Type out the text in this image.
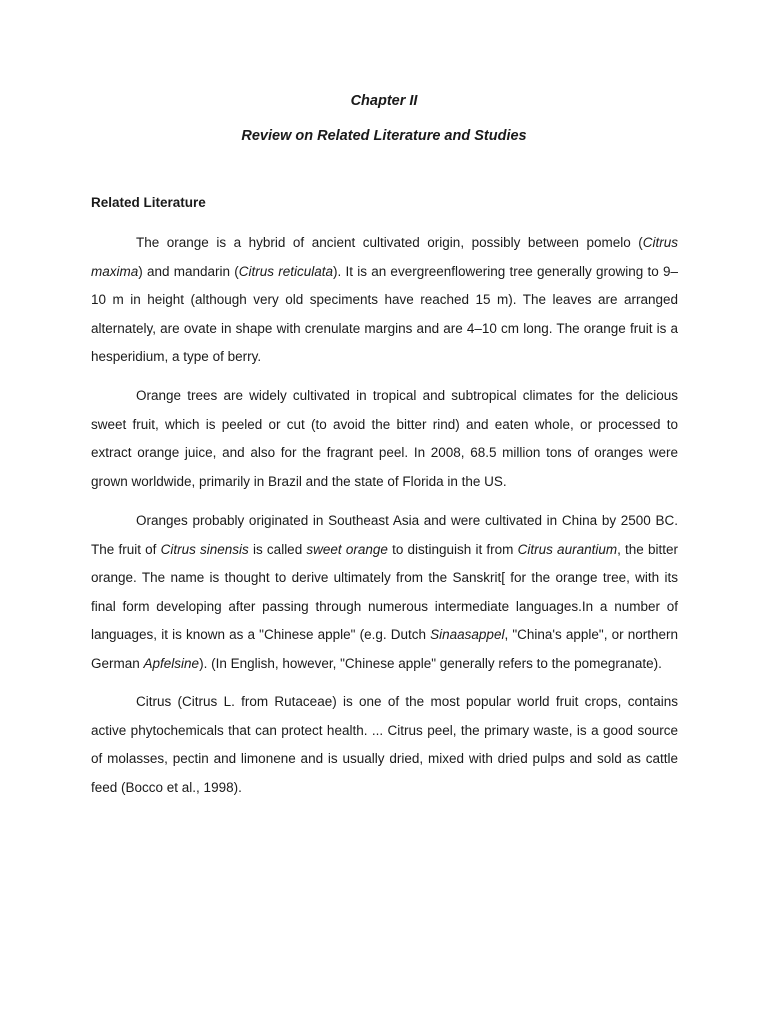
Chapter II
Review on Related Literature and Studies
Related Literature

The orange is a hybrid of ancient cultivated origin, possibly between pomelo (Citrus maxima) and mandarin (Citrus reticulata). It is an evergreenflowering tree generally growing to 9–10 m in height (although very old speciments have reached 15 m). The leaves are arranged alternately, are ovate in shape with crenulate margins and are 4–10 cm long. The orange fruit is a hesperidium, a type of berry.

Orange trees are widely cultivated in tropical and subtropical climates for the delicious sweet fruit, which is peeled or cut (to avoid the bitter rind) and eaten whole, or processed to extract orange juice, and also for the fragrant peel. In 2008, 68.5 million tons of oranges were grown worldwide, primarily in Brazil and the state of Florida in the US.

Oranges probably originated in Southeast Asia and were cultivated in China by 2500 BC. The fruit of Citrus sinensis is called sweet orange to distinguish it from Citrus aurantium, the bitter orange. The name is thought to derive ultimately from the Sanskrit[ for the orange tree, with its final form developing after passing through numerous intermediate languages.In a number of languages, it is known as a "Chinese apple" (e.g. Dutch Sinaasappel, "China's apple", or northern German Apfelsine). (In English, however, "Chinese apple" generally refers to the pomegranate).

Citrus (Citrus L. from Rutaceae) is one of the most popular world fruit crops, contains active phytochemicals that can protect health. ... Citrus peel, the primary waste, is a good source of molasses, pectin and limonene and is usually dried, mixed with dried pulps and sold as cattle feed (Bocco et al., 1998).
